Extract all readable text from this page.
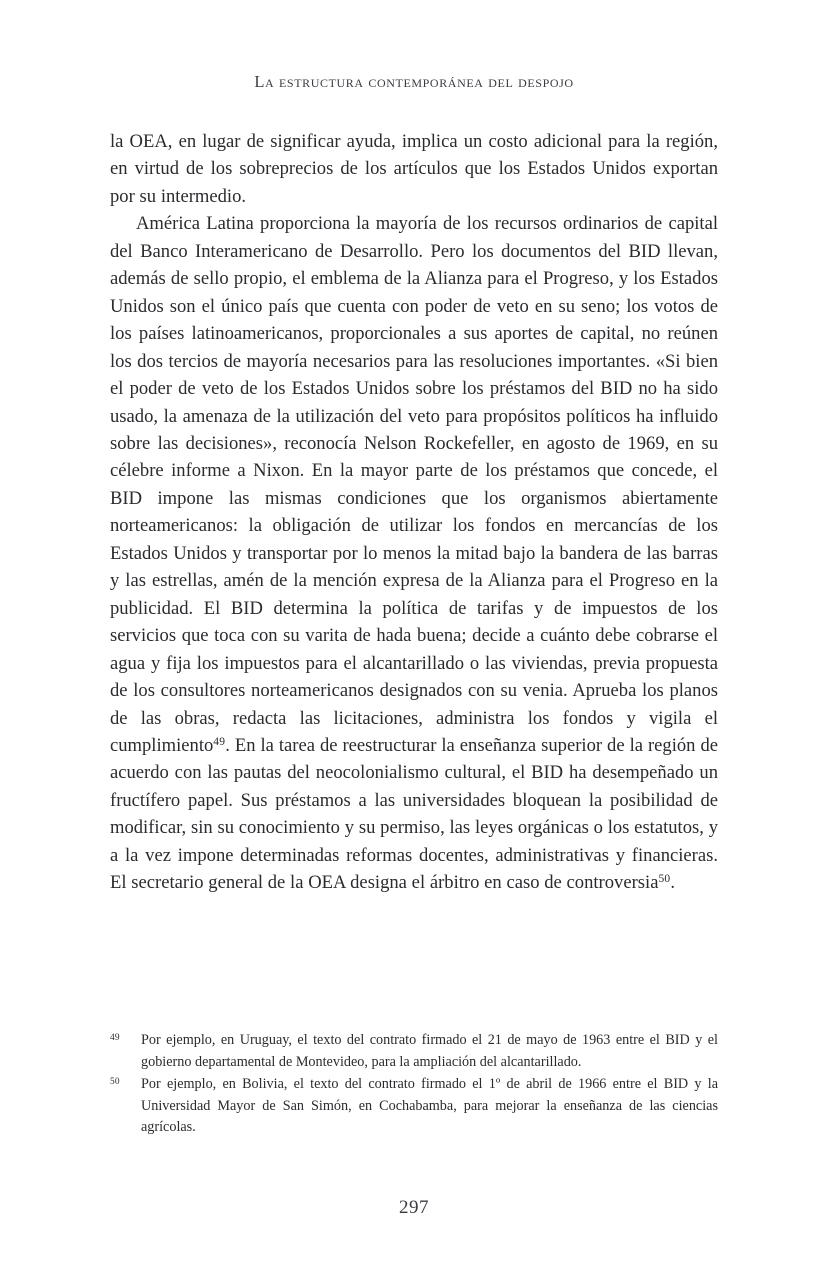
La estructura contemporánea del despojo

la OEA, en lugar de significar ayuda, implica un costo adicional para la región, en virtud de los sobreprecios de los artículos que los Estados Unidos exportan por su intermedio.

América Latina proporciona la mayoría de los recursos ordinarios de capital del Banco Interamericano de Desarrollo. Pero los documentos del BID llevan, además de sello propio, el emblema de la Alianza para el Progreso, y los Estados Unidos son el único país que cuenta con poder de veto en su seno; los votos de los países latinoamericanos, proporcionales a sus aportes de capital, no reúnen los dos tercios de mayoría necesarios para las resoluciones importantes. «Si bien el poder de veto de los Estados Unidos sobre los préstamos del BID no ha sido usado, la amenaza de la utilización del veto para propósitos políticos ha influido sobre las decisiones», reconocía Nelson Rockefeller, en agosto de 1969, en su célebre informe a Nixon. En la mayor parte de los préstamos que concede, el BID impone las mismas condiciones que los organismos abiertamente norteamericanos: la obligación de utilizar los fondos en mercancías de los Estados Unidos y transportar por lo menos la mitad bajo la bandera de las barras y las estrellas, amén de la mención expresa de la Alianza para el Progreso en la publicidad. El BID determina la política de tarifas y de impuestos de los servicios que toca con su varita de hada buena; decide a cuánto debe cobrarse el agua y fija los impuestos para el alcantarillado o las viviendas, previa propuesta de los consultores norteamericanos designados con su venia. Aprueba los planos de las obras, redacta las licitaciones, administra los fondos y vigila el cumplimiento$^{49}$. En la tarea de reestructurar la enseñanza superior de la región de acuerdo con las pautas del neocolonialismo cultural, el BID ha desempeñado un fructífero papel. Sus préstamos a las universidades bloquean la posibilidad de modificar, sin su conocimiento y su permiso, las leyes orgánicas o los estatutos, y a la vez impone determinadas reformas docentes, administrativas y financieras. El secretario general de la OEA designa el árbitro en caso de controversia$^{50}$.

49	Por ejemplo, en Uruguay, el texto del contrato firmado el 21 de mayo de 1963 entre el BID y el gobierno departamental de Montevideo, para la ampliación del alcantarillado.
50	Por ejemplo, en Bolivia, el texto del contrato firmado el 1º de abril de 1966 entre el BID y la Universidad Mayor de San Simón, en Cochabamba, para mejorar la enseñanza de las ciencias agrícolas.
297
